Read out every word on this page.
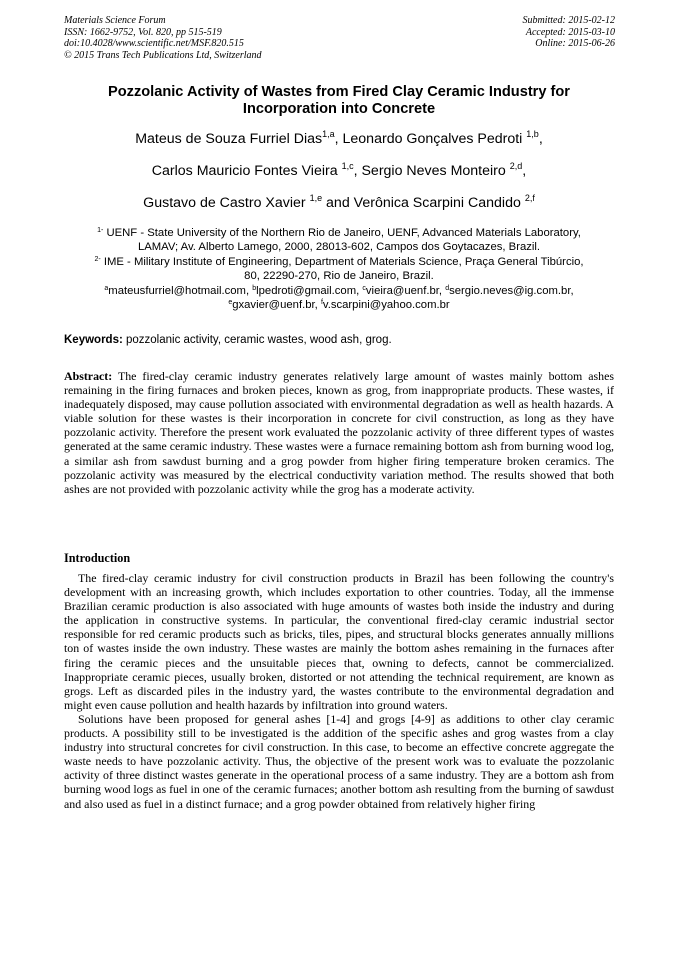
Materials Science Forum
ISSN: 1662-9752, Vol. 820, pp 515-519
doi:10.4028/www.scientific.net/MSF.820.515
© 2015 Trans Tech Publications Ltd, Switzerland
Submitted: 2015-02-12
Accepted: 2015-03-10
Online: 2015-06-26
Pozzolanic Activity of Wastes from Fired Clay Ceramic Industry for
Incorporation into Concrete
Mateus de Souza Furriel Dias$^{1,a}$, Leonardo Gonçalves Pedroti $^{1,b}$,
Carlos Mauricio Fontes Vieira $^{1,c}$, Sergio Neves Monteiro $^{2,d}$,
Gustavo de Castro Xavier $^{1,e}$ and Verônica Scarpini Candido $^{2,f}$
$^{1-}$ UENF - State University of the Northern Rio de Janeiro, UENF, Advanced Materials Laboratory,
LAMAV; Av. Alberto Lamego, 2000, 28013-602, Campos dos Goytacazes, Brazil.
$^{2-}$ IME - Military Institute of Engineering, Department of Materials Science, Praça General Tibúrcio,
80, 22290-270, Rio de Janeiro, Brazil.
$^a$mateusfurriel@hotmail.com, $^b$lpedroti@gmail.com, $^c$vieira@uenf.br, $^d$sergio.neves@ig.com.br,
$^e$gxavier@uenf.br, $^f$v.scarpini@yahoo.com.br
Keywords: pozzolanic activity, ceramic wastes, wood ash, grog.
Abstract: The fired-clay ceramic industry generates relatively large amount of wastes mainly bottom ashes remaining in the firing furnaces and broken pieces, known as grog, from inappropriate products. These wastes, if inadequately disposed, may cause pollution associated with environmental degradation as well as health hazards. A viable solution for these wastes is their incorporation in concrete for civil construction, as long as they have pozzolanic activity. Therefore the present work evaluated the pozzolanic activity of three different types of wastes generated at the same ceramic industry. These wastes were a furnace remaining bottom ash from burning wood log, a similar ash from sawdust burning and a grog powder from higher firing temperature broken ceramics. The pozzolanic activity was measured by the electrical conductivity variation method. The results showed that both ashes are not provided with pozzolanic activity while the grog has a moderate activity.
Introduction

The fired-clay ceramic industry for civil construction products in Brazil has been following the country's development with an increasing growth, which includes exportation to other countries. Today, all the immense Brazilian ceramic production is also associated with huge amounts of wastes both inside the industry and during the application in constructive systems. In particular, the conventional fired-clay ceramic industrial sector responsible for red ceramic products such as bricks, tiles, pipes, and structural blocks generates annually millions ton of wastes inside the own industry. These wastes are mainly the bottom ashes remaining in the furnaces after firing the ceramic pieces and the unsuitable pieces that, owning to defects, cannot be commercialized. Inappropriate ceramic pieces, usually broken, distorted or not attending the technical requirement, are known as grogs. Left as discarded piles in the industry yard, the wastes contribute to the environmental degradation and might even cause pollution and health hazards by infiltration into ground waters.

Solutions have been proposed for general ashes [1-4] and grogs [4-9] as additions to other clay ceramic products. A possibility still to be investigated is the addition of the specific ashes and grog wastes from a clay industry into structural concretes for civil construction. In this case, to become an effective concrete aggregate the waste needs to have pozzolanic activity. Thus, the objective of the present work was to evaluate the pozzolanic activity of three distinct wastes generate in the operational process of a same industry. They are a bottom ash from burning wood logs as fuel in one of the ceramic furnaces; another bottom ash resulting from the burning of sawdust and also used as fuel in a distinct furnace; and a grog powder obtained from relatively higher firing
